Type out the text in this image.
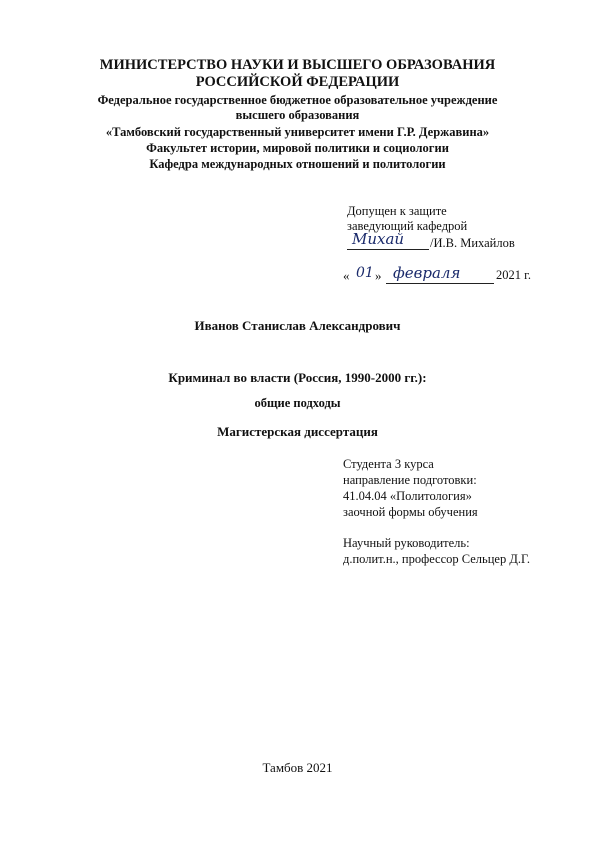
МИНИСТЕРСТВО НАУКИ И ВЫСШЕГО ОБРАЗОВАНИЯ
РОССИЙСКОЙ ФЕДЕРАЦИИ
Федеральное государственное бюджетное образовательное учреждение
высшего образования
«Тамбовский государственный университет имени Г.Р. Державина»
Факультет истории, мировой политики и социологии
Кафедра международных отношений и политологии
Допущен к защите
заведующий кафедрой
Михай /И.В. Михайлов
« 01 » февраля	2021 г.
Иванов Станислав Александрович
Криминал во власти (Россия, 1990-2000 гг.):
общие подходы
Магистерская диссертация
Студента 3 курса
направление подготовки:
41.04.04 «Политология»
заочной формы обучения
Научный руководитель:
д.полит.н., профессор Сельцер Д.Г.
Тамбов 2021
